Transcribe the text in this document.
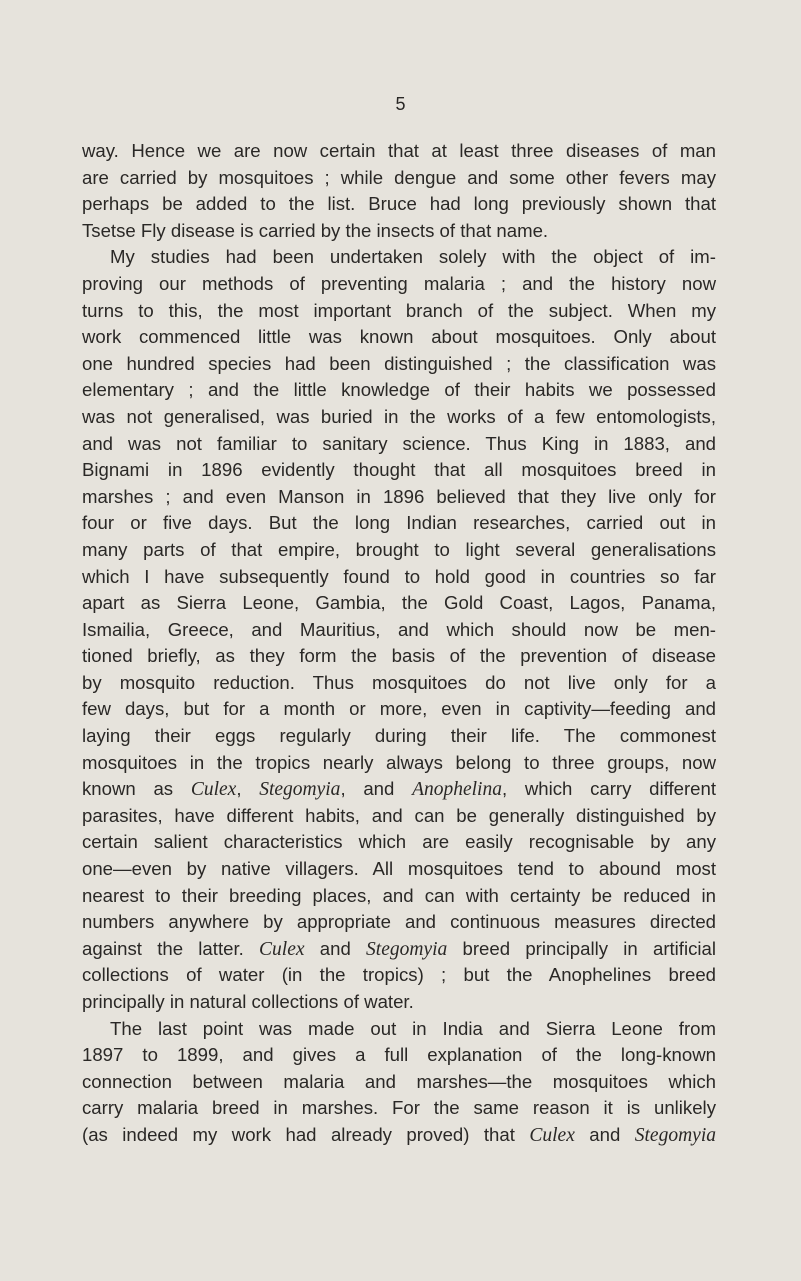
5
way. Hence we are now certain that at least three diseases of man
are carried by mosquitoes ; while dengue and some other fevers may
perhaps be added to the list. Bruce had long previously shown that
Tsetse Fly disease is carried by the insects of that name.
My studies had been undertaken solely with the object of im-
proving our methods of preventing malaria ; and the history now
turns to this, the most important branch of the subject. When my
work commenced little was known about mosquitoes. Only about
one hundred species had been distinguished ; the classification was
elementary ; and the little knowledge of their habits we possessed
was not generalised, was buried in the works of a few entomologists,
and was not familiar to sanitary science. Thus King in 1883, and
Bignami in 1896 evidently thought that all mosquitoes breed in
marshes ; and even Manson in 1896 believed that they live only for
four or five days. But the long Indian researches, carried out in
many parts of that empire, brought to light several generalisations
which I have subsequently found to hold good in countries so far
apart as Sierra Leone, Gambia, the Gold Coast, Lagos, Panama,
Ismailia, Greece, and Mauritius, and which should now be men-
tioned briefly, as they form the basis of the prevention of disease
by mosquito reduction. Thus mosquitoes do not live only for a
few days, but for a month or more, even in captivity—feeding and
laying their eggs regularly during their life. The commonest
mosquitoes in the tropics nearly always belong to three groups, now
known as Culex, Stegomyia, and Anophelina, which carry different
parasites, have different habits, and can be generally distinguished by
certain salient characteristics which are easily recognisable by any
one—even by native villagers. All mosquitoes tend to abound most
nearest to their breeding places, and can with certainty be reduced in
numbers anywhere by appropriate and continuous measures directed
against the latter. Culex and Stegomyia breed principally in artificial
collections of water (in the tropics) ; but the Anophelines breed
principally in natural collections of water.
The last point was made out in India and Sierra Leone from
1897 to 1899, and gives a full explanation of the long-known
connection between malaria and marshes—the mosquitoes which
carry malaria breed in marshes. For the same reason it is unlikely
(as indeed my work had already proved) that Culex and Stegomyia
